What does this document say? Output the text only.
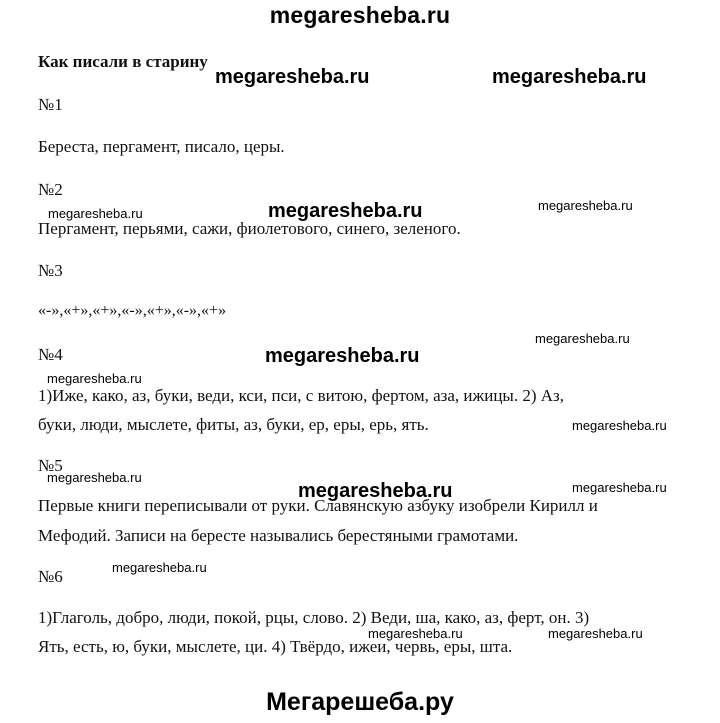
megaresheba.ru
Как писали в старину
megaresheba.ru	megaresheba.ru
megaresheba.ru
megaresheba.ru
megaresheba.ru
megaresheba.ru
megaresheba.ru
megaresheba.ru
megaresheba.ru
megaresheba.ru
megaresheba.ru
megaresheba.ru
megaresheba.ru
megaresheba.ru	megaresheba.ru
№1
Береста, пергамент, писало, церы.
№2
Пергамент, перьями, сажи, фиолетового, синего, зеленого.
№3
«-»,«+»,«+»,«-»,«+»,«-»,«+»
№4
1)Иже, како, аз, буки, веди, кси, пси, с витою, фертом, аза, ижицы. 2) Аз,
буки, люди, мыслете, фиты, аз, буки, ер, еры, ерь, ять.
№5
Первые книги переписывали от руки. Славянскую азбуку изобрели Кирилл и
Мефодий. Записи на бересте назывались берестяными грамотами.
№6
1)Глаголь, добро, люди, покой, рцы, слово. 2) Веди, ша, како, аз, ферт, он. 3)
Ять, есть, ю, буки, мыслете, ци. 4) Твёрдо, ижеи, червь, еры, шта.
Мегарешеба.ру
